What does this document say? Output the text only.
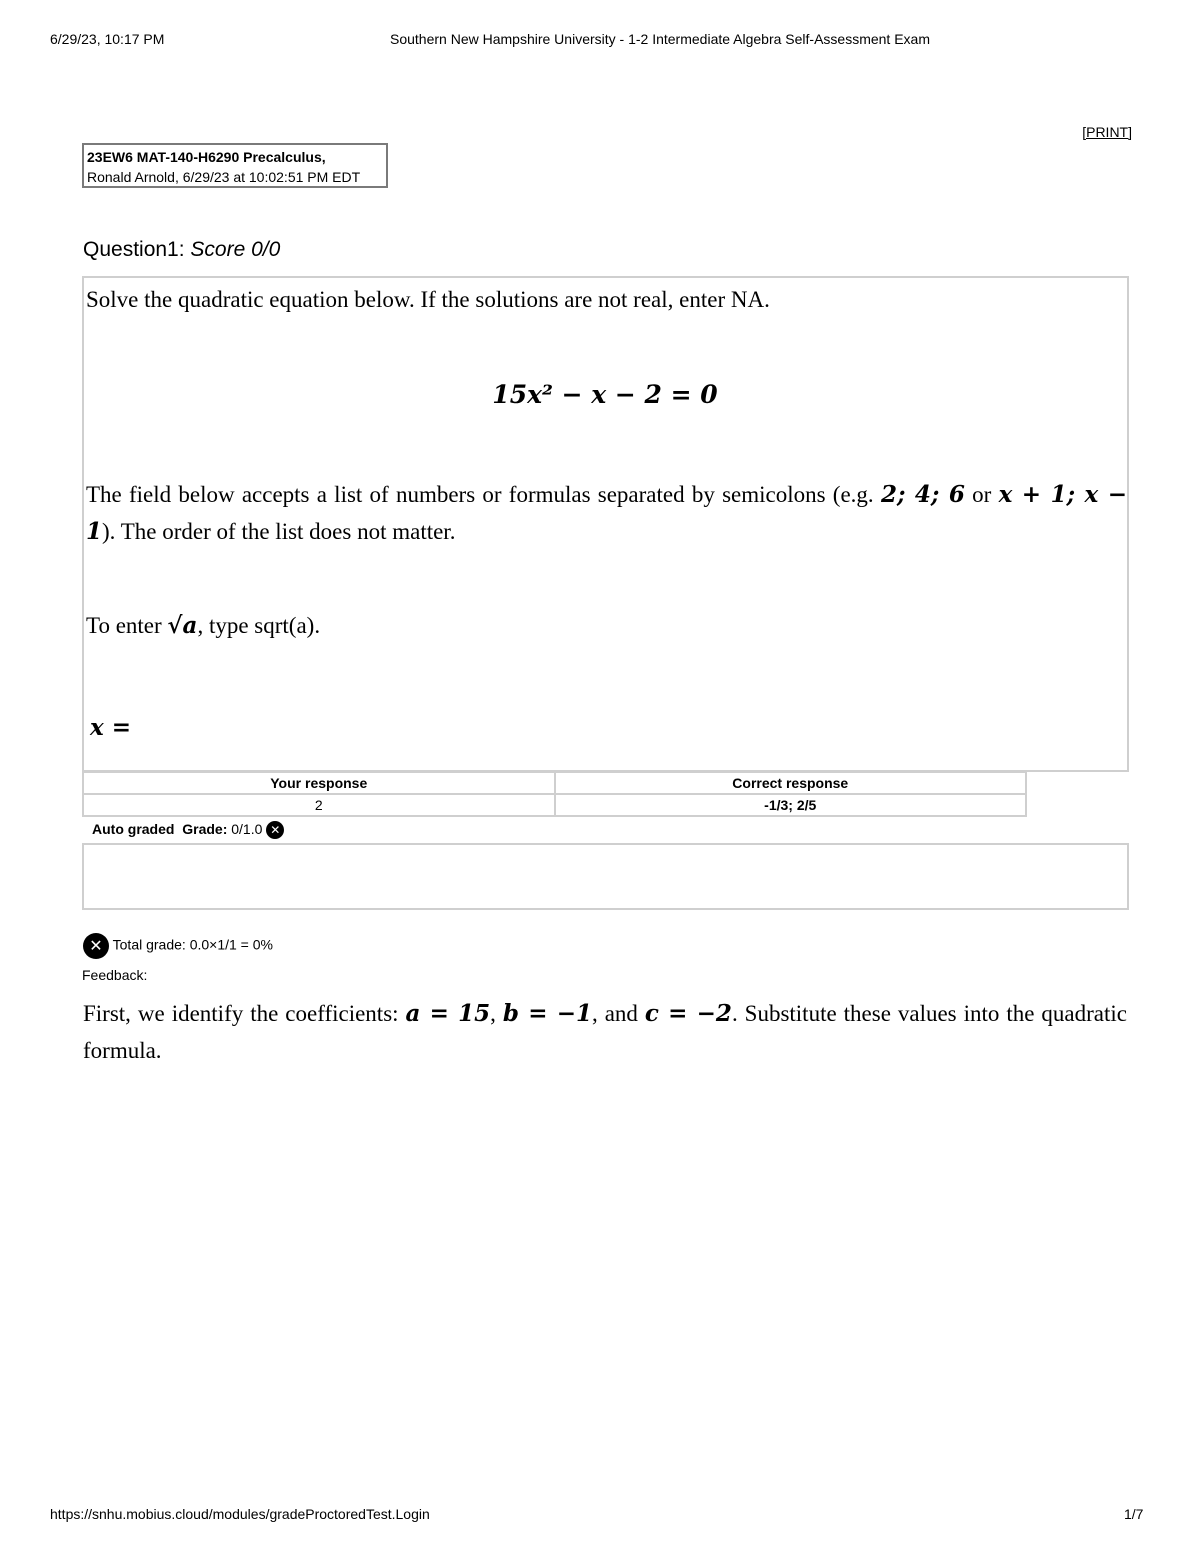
6/29/23, 10:17 PM	Southern New Hampshire University - 1-2 Intermediate Algebra Self-Assessment Exam
[PRINT]
23EW6 MAT-140-H6290 Precalculus,
Ronald Arnold, 6/29/23 at 10:02:51 PM EDT
Question1: Score 0/0
Solve the quadratic equation below. If the solutions are not real, enter NA.
15x² − x − 2 = 0
The field below accepts a list of numbers or formulas separated by semicolons (e.g. 2; 4; 6 or x + 1; x − 1). The order of the list does not matter.
To enter √a, type sqrt(a).
x =
Your response	Correct response
2	-1/3; 2/5
Auto graded Grade: 0/1.0 ✕
✕ Total grade: 0.0×1/1 = 0%
Feedback:
First, we identify the coefficients: a = 15, b = −1, and c = −2. Substitute these values into the quadratic formula.
https://snhu.mobius.cloud/modules/gradeProctoredTest.Login	1/7
